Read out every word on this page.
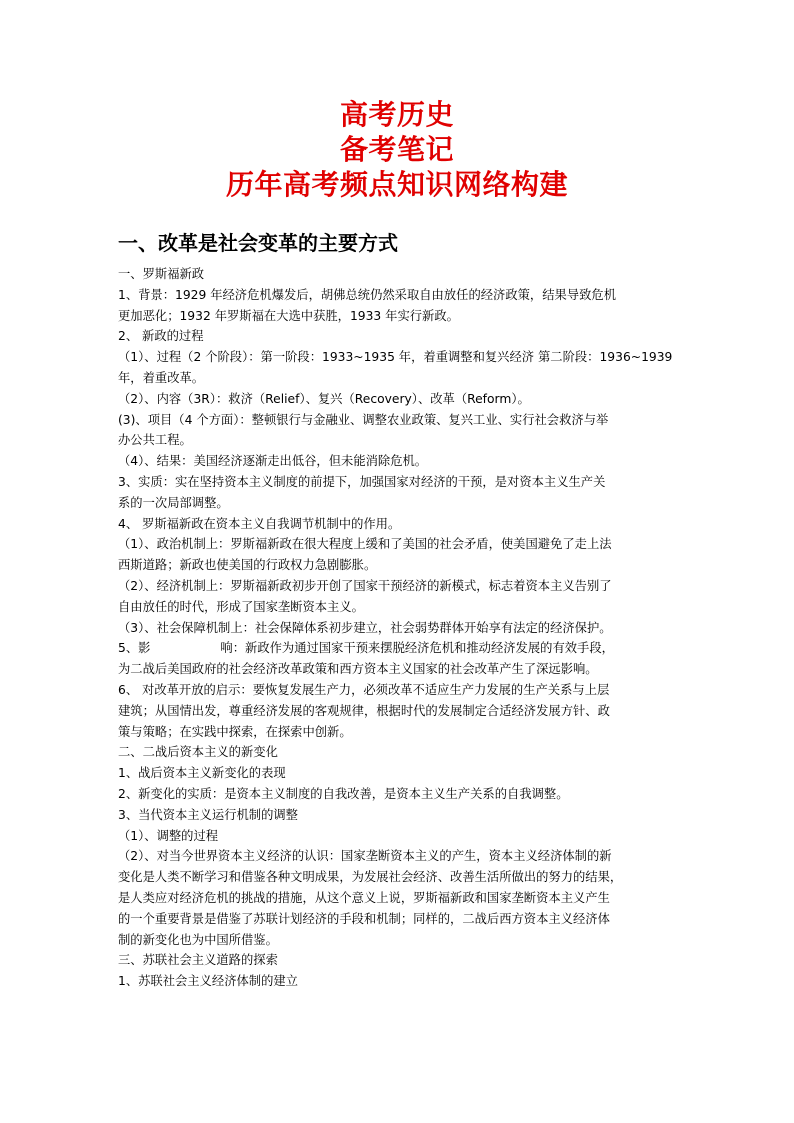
高考历史
备考笔记
历年高考频点知识网络构建
一、改革是社会变革的主要方式
一、罗斯福新政
1、背景：1929 年经济危机爆发后，胡佛总统仍然采取自由放任的经济政策，结果导致危机
更加恶化；1932 年罗斯福在大选中获胜，1933 年实行新政。
2、 新政的过程
（1）、过程（2 个阶段）：第一阶段：1933~1935 年，着重调整和复兴经济 第二阶段：1936~1939
年，着重改革。
（2）、内容（3R）：救济（Relief）、复兴（Recovery）、改革（Reform）。
(3)、项目（4 个方面）：整顿银行与金融业、调整农业政策、复兴工业、实行社会救济与举
办公共工程。
（4）、结果：美国经济逐渐走出低谷，但未能消除危机。
3、实质：实在坚持资本主义制度的前提下，加强国家对经济的干预，是对资本主义生产关
系的一次局部调整。
4、 罗斯福新政在资本主义自我调节机制中的作用。
（1）、政治机制上：罗斯福新政在很大程度上缓和了美国的社会矛盾，使美国避免了走上法
西斯道路；新政也使美国的行政权力急剧膨胀。
（2）、经济机制上：罗斯福新政初步开创了国家干预经济的新模式，标志着资本主义告别了
自由放任的时代，形成了国家垄断资本主义。
（3）、社会保障机制上：社会保障体系初步建立，社会弱势群体开始享有法定的经济保护。
5、影	响：新政作为通过国家干预来摆脱经济危机和推动经济发展的有效手段，
为二战后美国政府的社会经济改革政策和西方资本主义国家的社会改革产生了深远影响。
6、 对改革开放的启示：要恢复发展生产力，必须改革不适应生产力发展的生产关系与上层
建筑；从国情出发，尊重经济发展的客观规律，根据时代的发展制定合适经济发展方针、政
策与策略；在实践中探索，在探索中创新。
二、二战后资本主义的新变化
1、战后资本主义新变化的表现
2、新变化的实质：是资本主义制度的自我改善，是资本主义生产关系的自我调整。
3、当代资本主义运行机制的调整
（1）、调整的过程
（2）、对当今世界资本主义经济的认识：国家垄断资本主义的产生，资本主义经济体制的新
变化是人类不断学习和借鉴各种文明成果，为发展社会经济、改善生活所做出的努力的结果，
是人类应对经济危机的挑战的措施，从这个意义上说，罗斯福新政和国家垄断资本主义产生
的一个重要背景是借鉴了苏联计划经济的手段和机制；同样的，二战后西方资本主义经济体
制的新变化也为中国所借鉴。
三、苏联社会主义道路的探索
1、苏联社会主义经济体制的建立
